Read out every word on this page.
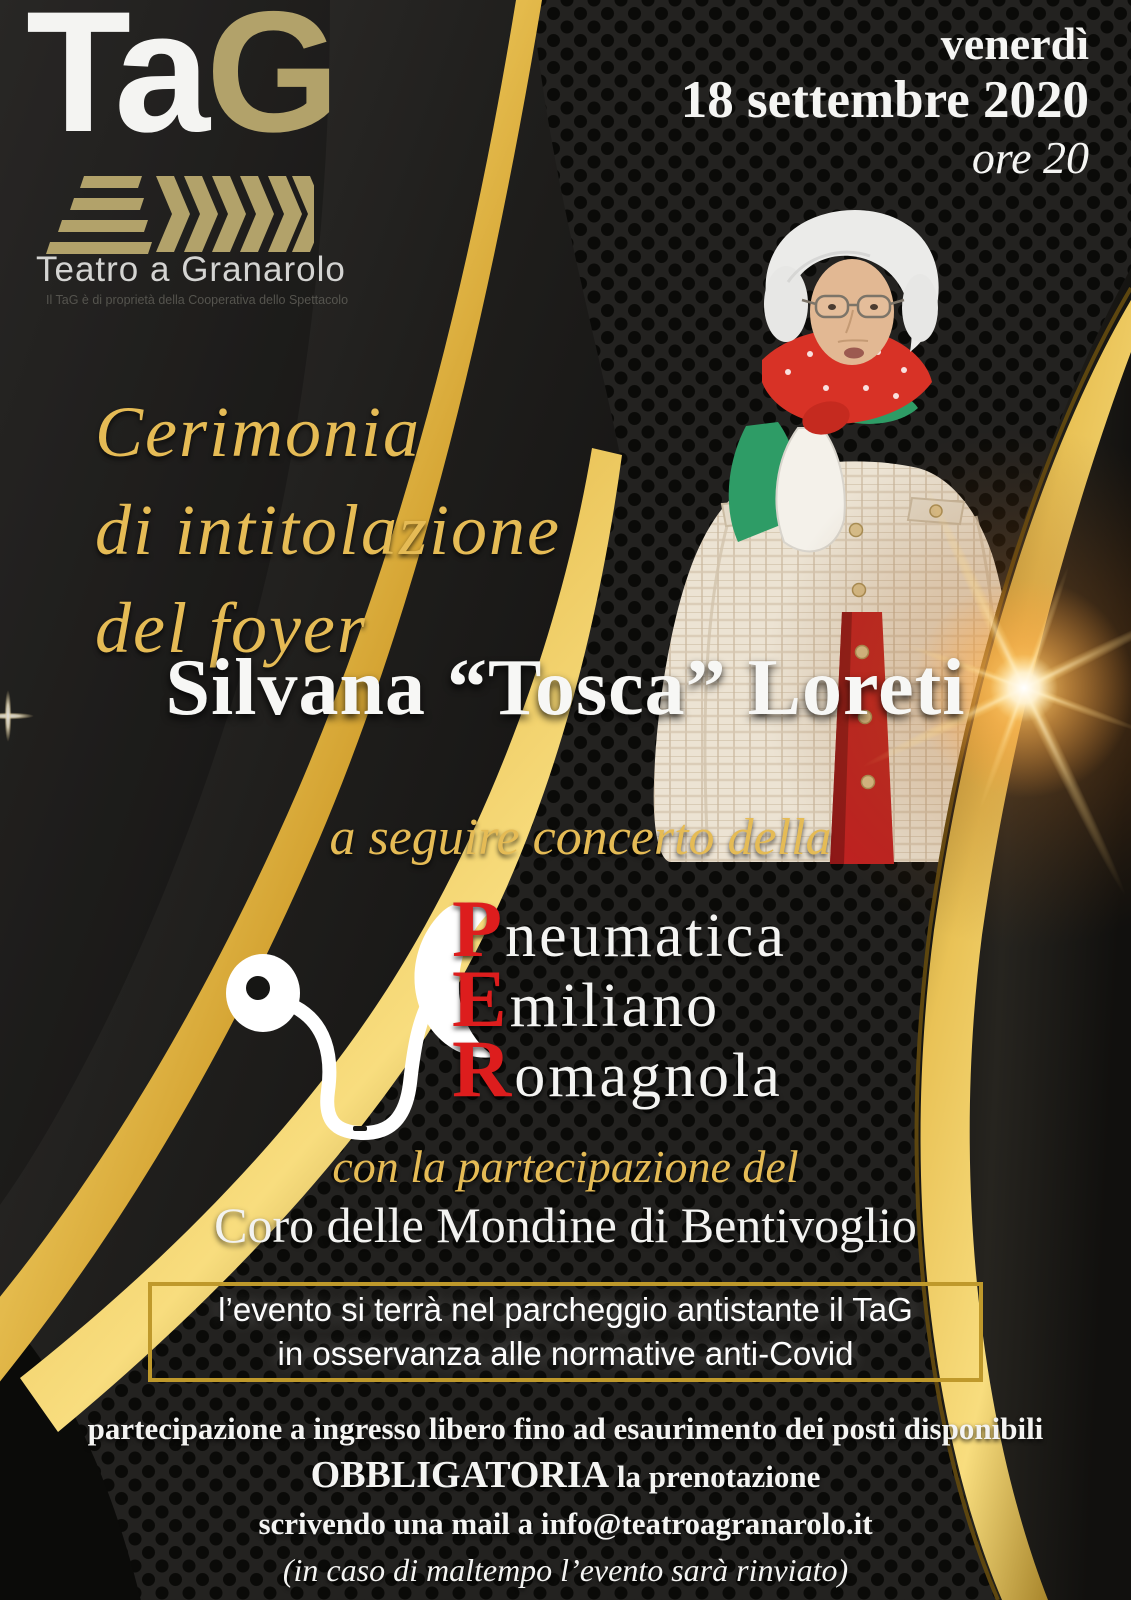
TaG
Teatro a Granarolo
Il TaG è di proprietà della Cooperativa dello Spettacolo
venerdì
18 settembre 2020
ore 20
Cerimonia
di intitolazione
del foyer
Silvana “Tosca” Loreti
a seguire concerto della
P neumatica
E miliano
R omagnola
con la partecipazione del
Coro delle Mondine di Bentivoglio
l’evento si terrà nel parcheggio antistante il TaG
in osservanza alle normative anti-Covid
partecipazione a ingresso libero fino ad esaurimento dei posti disponibili
OBBLIGATORIA la prenotazione
scrivendo una mail a info@teatroagranarolo.it
(in caso di maltempo l’evento sarà rinviato)
